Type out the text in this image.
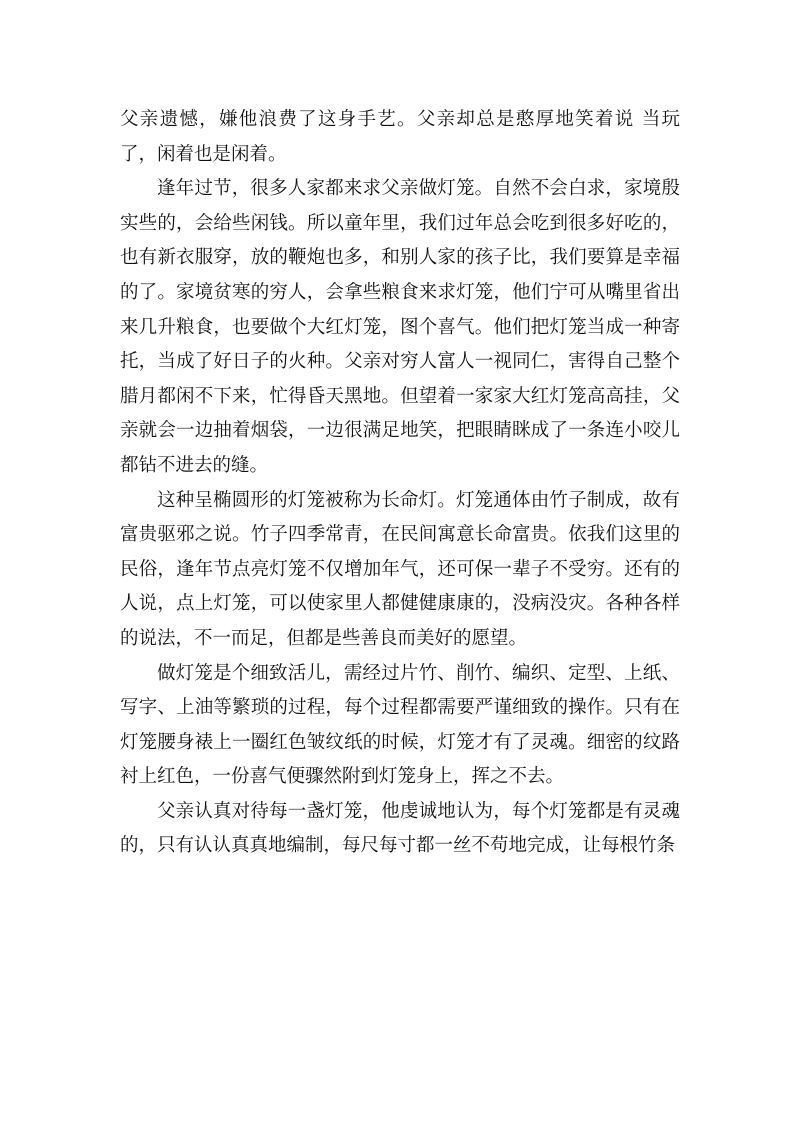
父亲遗憾，嫌他浪费了这身手艺。父亲却总是憨厚地笑着说 当玩了，闲着也是闲着。

逢年过节，很多人家都来求父亲做灯笼。自然不会白求，家境殷实些的，会给些闲钱。所以童年里，我们过年总会吃到很多好吃的，也有新衣服穿，放的鞭炮也多，和别人家的孩子比，我们要算是幸福的了。家境贫寒的穷人，会拿些粮食来求灯笼，他们宁可从嘴里省出来几升粮食，也要做个大红灯笼，图个喜气。他们把灯笼当成一种寄托，当成了好日子的火种。父亲对穷人富人一视同仁，害得自己整个腊月都闲不下来，忙得昏天黑地。但望着一家家大红灯笼高高挂，父亲就会一边抽着烟袋，一边很满足地笑，把眼睛眯成了一条连小咬儿都钻不进去的缝。

这种呈椭圆形的灯笼被称为长命灯。灯笼通体由竹子制成，故有富贵驱邪之说。竹子四季常青，在民间寓意长命富贵。依我们这里的民俗，逢年节点亮灯笼不仅增加年气，还可保一辈子不受穷。还有的人说，点上灯笼，可以使家里人都健健康康的，没病没灾。各种各样的说法，不一而足，但都是些善良而美好的愿望。

做灯笼是个细致活儿，需经过片竹、削竹、编织、定型、上纸、写字、上油等繁琐的过程，每个过程都需要严谨细致的操作。只有在灯笼腰身裱上一圈红色皱纹纸的时候，灯笼才有了灵魂。细密的纹路衬上红色，一份喜气便骤然附到灯笼身上，挥之不去。

父亲认真对待每一盏灯笼，他虔诚地认为，每个灯笼都是有灵魂的，只有认认真真地编制，每尺每寸都一丝不苟地完成，让每根竹条
